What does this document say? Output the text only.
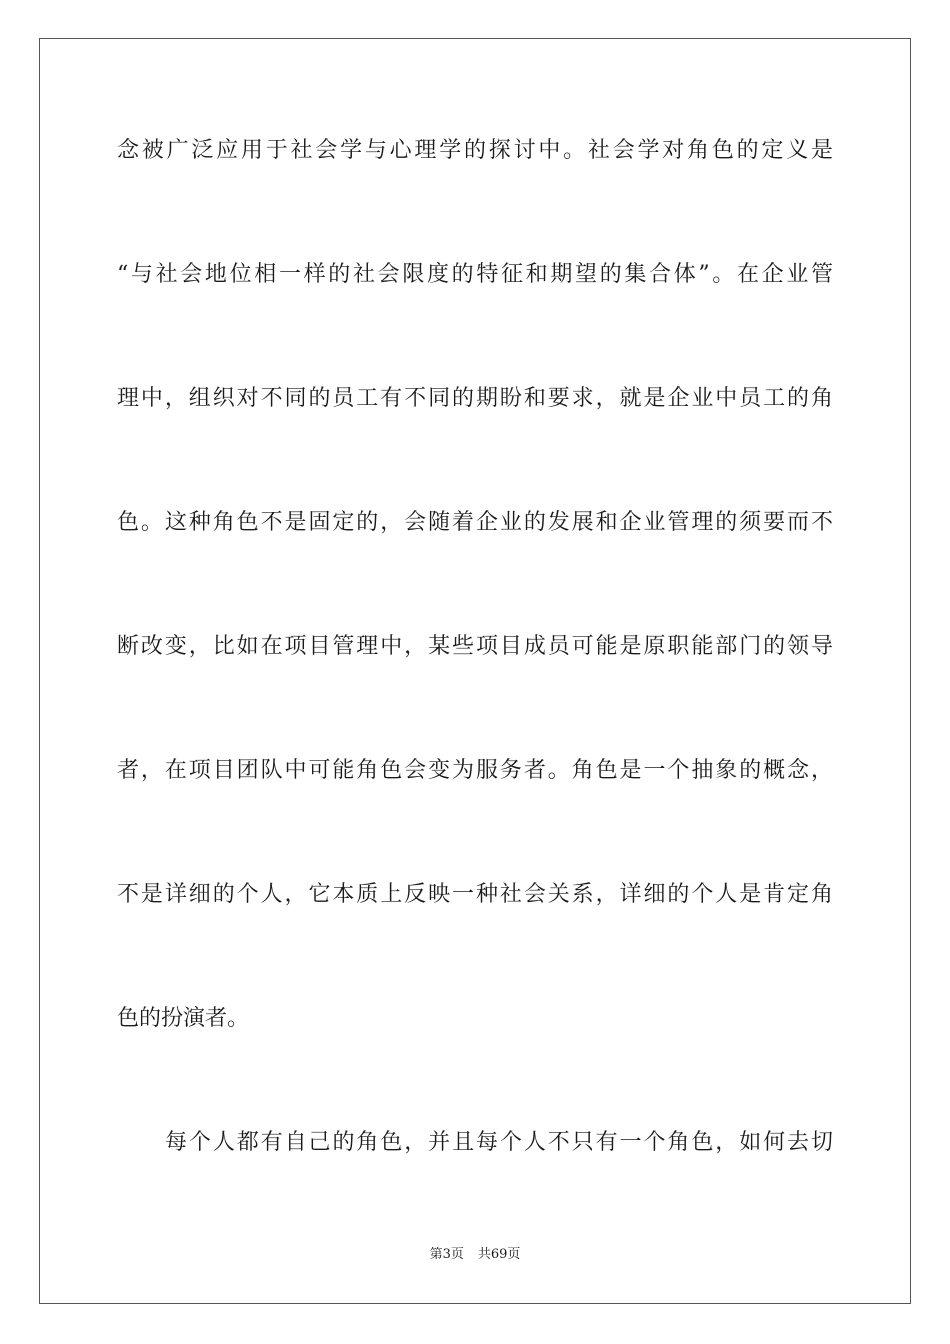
念被广泛应用于社会学与心理学的探讨中。社会学对角色的定义是
“与社会地位相一样的社会限度的特征和期望的集合体”。在企业管
理中，组织对不同的员工有不同的期盼和要求，就是企业中员工的角
色。这种角色不是固定的，会随着企业的发展和企业管理的须要而不
断改变，比如在项目管理中，某些项目成员可能是原职能部门的领导
者，在项目团队中可能角色会变为服务者。角色是一个抽象的概念，
不是详细的个人，它本质上反映一种社会关系，详细的个人是肯定角
色的扮演者。
每个人都有自己的角色，并且每个人不只有一个角色，如何去切
第3页 共69页
